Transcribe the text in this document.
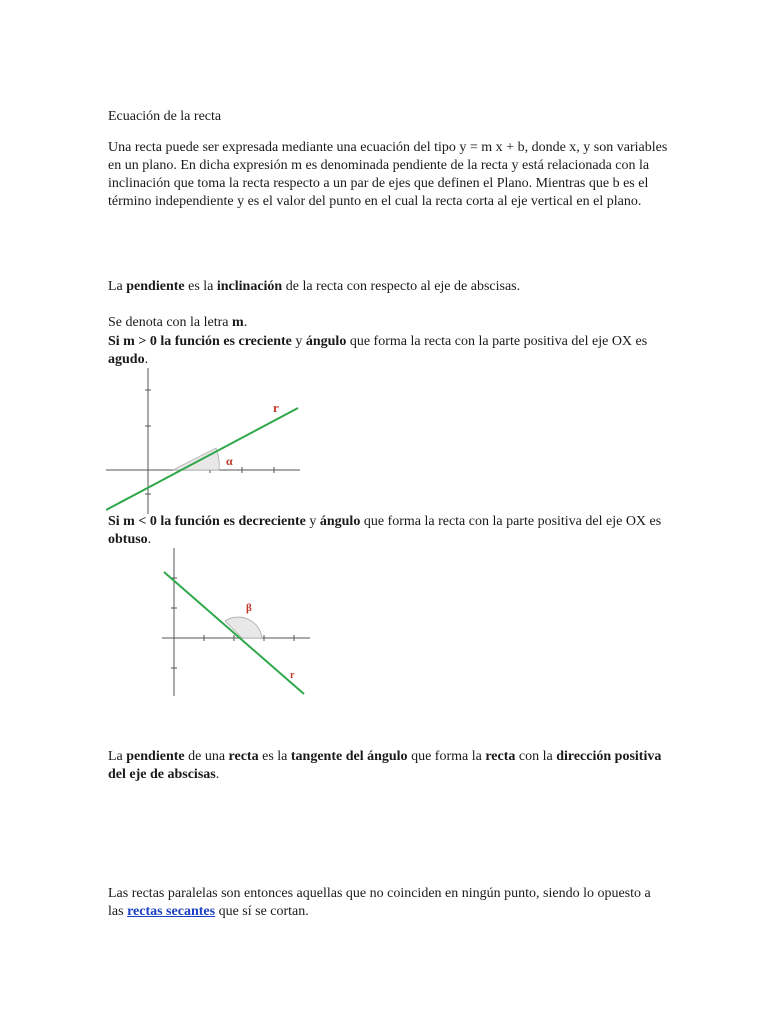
Ecuación de la recta

Una recta puede ser expresada mediante una ecuación del tipo y = m x + b, donde x, y son variables en un plano. En dicha expresión m es denominada pendiente de la recta y está relacionada con la inclinación que toma la recta respecto a un par de ejes que definen el Plano. Mientras que b es el término independiente y es el valor del punto en el cual la recta corta al eje vertical en el plano.

La pendiente es la inclinación de la recta con respecto al eje de abscisas.

Se denota con la letra m.

Si m > 0 la función es creciente y ángulo que forma la recta con la parte positiva del eje OX es agudo.

Si m < 0 la función es decreciente y ángulo que forma la recta con la parte positiva del eje OX es obtuso.

La pendiente de una recta es la tangente del ángulo que forma la recta con la dirección positiva del eje de abscisas.

Las rectas paralelas son entonces aquellas que no coinciden en ningún punto, siendo lo opuesto a las rectas secantes que sí se cortan.

r
α
β
r
